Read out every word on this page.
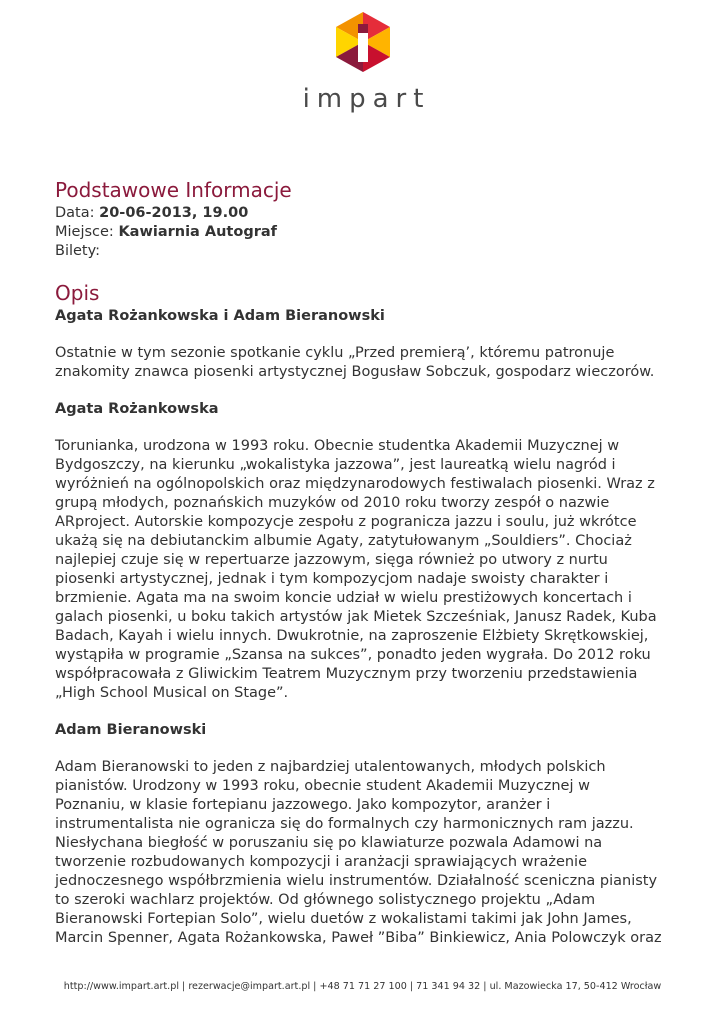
impart
Podstawowe Informacje

Data: 20-06-2013, 19.00

Miejsce: Kawiarnia Autograf

Bilety:

Opis

Agata Rożankowska i Adam Bieranowski

Ostatnie w tym sezonie spotkanie cyklu „Przed premierą’, któremu patronuje

znakomity znawca piosenki artystycznej Bogusław Sobczuk, gospodarz wieczorów.

Agata Rożankowska

Torunianka, urodzona w 1993 roku. Obecnie studentka Akademii Muzycznej w

Bydgoszczy, na kierunku „wokalistyka jazzowa”, jest laureatką wielu nagród i

wyróżnień na ogólnopolskich oraz międzynarodowych festiwalach piosenki. Wraz z

grupą młodych, poznańskich muzyków od 2010 roku tworzy zespół o nazwie

ARproject. Autorskie kompozycje zespołu z pogranicza jazzu i soulu, już wkrótce

ukażą się na debiutanckim albumie Agaty, zatytułowanym „Souldiers”. Chociaż

najlepiej czuje się w repertuarze jazzowym, sięga również po utwory z nurtu

piosenki artystycznej, jednak i tym kompozycjom nadaje swoisty charakter i

brzmienie. Agata ma na swoim koncie udział w wielu prestiżowych koncertach i

galach piosenki, u boku takich artystów jak Mietek Szcześniak, Janusz Radek, Kuba

Badach, Kayah i wielu innych. Dwukrotnie, na zaproszenie Elżbiety Skrętkowskiej,

wystąpiła w programie „Szansa na sukces”, ponadto jeden wygrała. Do 2012 roku

współpracowała z Gliwickim Teatrem Muzycznym przy tworzeniu przedstawienia

„High School Musical on Stage”.

Adam Bieranowski

Adam Bieranowski to jeden z najbardziej utalentowanych, młodych polskich

pianistów. Urodzony w 1993 roku, obecnie student Akademii Muzycznej w

Poznaniu, w klasie fortepianu jazzowego. Jako kompozytor, aranżer i

instrumentalista nie ogranicza się do formalnych czy harmonicznych ram jazzu.

Niesłychana biegłość w poruszaniu się po klawiaturze pozwala Adamowi na

tworzenie rozbudowanych kompozycji i aranżacji sprawiających wrażenie

jednoczesnego współbrzmienia wielu instrumentów. Działalność sceniczna pianisty

to szeroki wachlarz projektów. Od głównego solistycznego projektu „Adam

Bieranowski Fortepian Solo”, wielu duetów z wokalistami takimi jak John James,

Marcin Spenner, Agata Rożankowska, Paweł ”Biba” Binkiewicz, Ania Polowczyk oraz

http://www.impart.art.pl | rezerwacje@impart.art.pl | +48 71 71 27 100 | 71 341 94 32 | ul. Mazowiecka 17, 50-412 Wrocław
